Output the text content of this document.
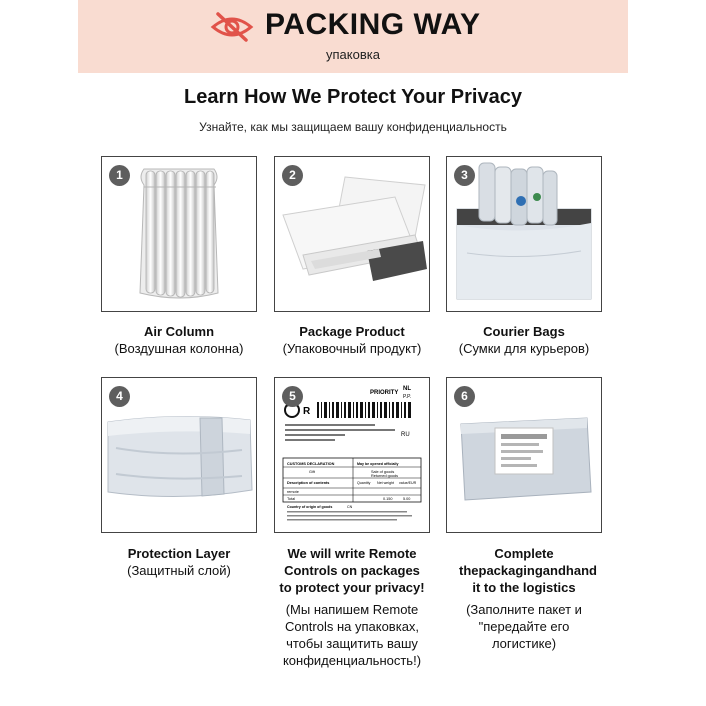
PACKING WAY
упаковка
Learn How We Protect Your Privacy
Узнайте, как мы защищаем вашу конфиденциальность
1	2	3
Air Column
(Воздушная колонна)
Package Product
(Упаковочный продукт)
Courier Bags
(Сумки для курьеров)
4	5	PRIORITY
NL
P.P.
R
RU
CUSTOMS DECLARATION	May be opened officially
Gift	Sale of goods
Returned goods
Description of contents	Quantity Net weight value/EUR
remote
0.150	5.00
Total
Country of origin of goods	CN
6
Protection Layer
(Защитный слой)
We will write Remote Controls on packages to protect your privacy!
(Мы напишем Remote Controls на упаковках, чтобы защитить вашу конфиденциальность!)
Complete thepackagingandhand it to the logistics
(Заполните пакет и "передайте его логистике)
